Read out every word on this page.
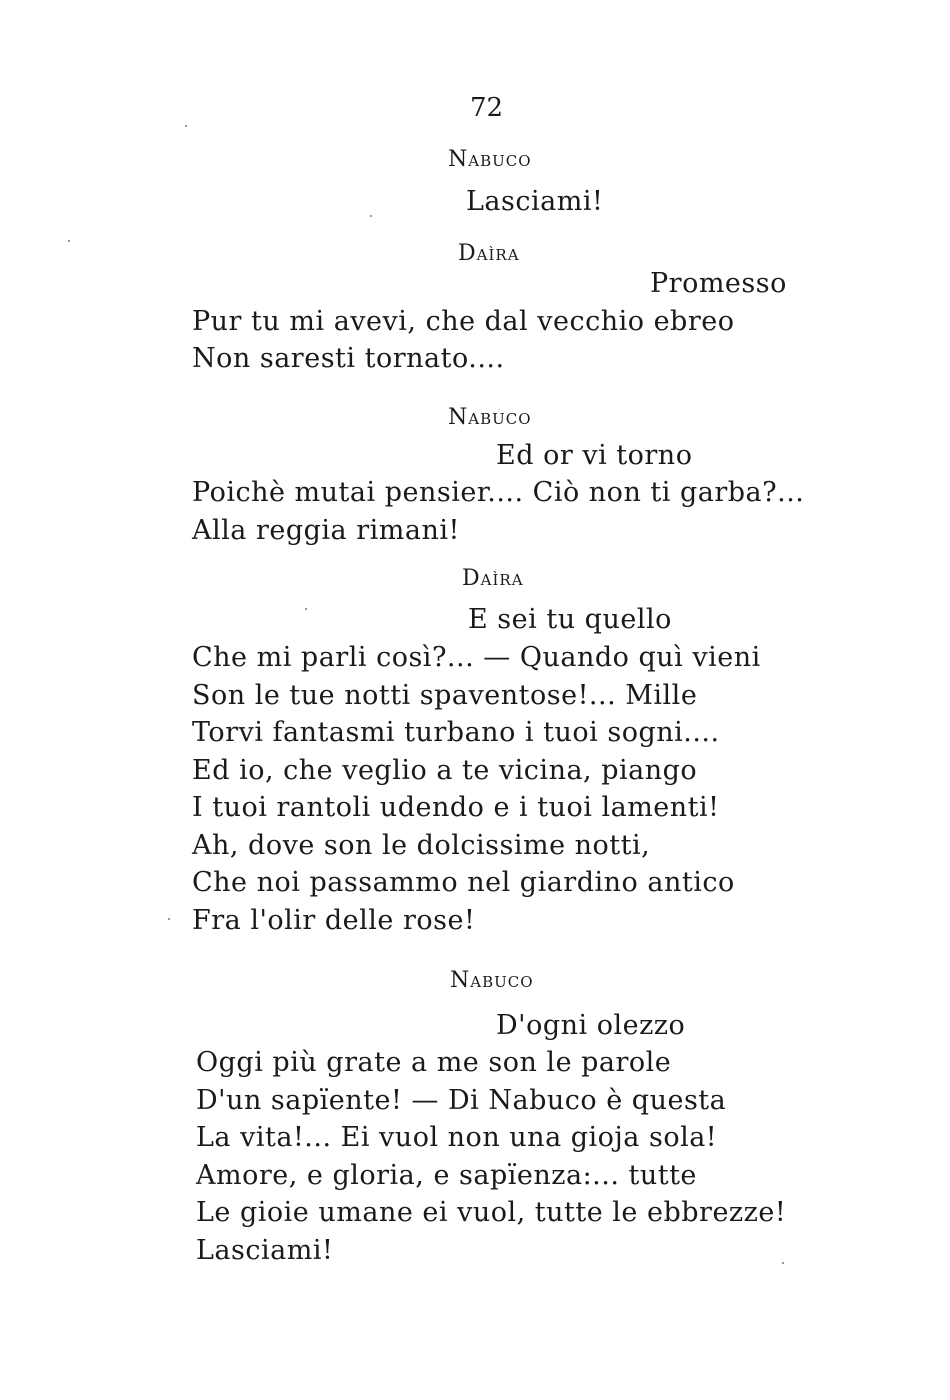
72
Nabuco
Lasciami!
Daìra
Promesso
Pur tu mi avevi, che dal vecchio ebreo
Non saresti tornato....
Nabuco
Ed or vi torno
Poichè mutai pensier.... Ciò non ti garba?...
Alla reggia rimani!
Daìra
E sei tu quello
Che mi parli così?... — Quando quì vieni
Son le tue notti spaventose!... Mille
Torvi fantasmi turbano i tuoi sogni....
Ed io, che veglio a te vicina, piango
I tuoi rantoli udendo e i tuoi lamenti!
Ah, dove son le dolcissime notti,
Che noi passammo nel giardino antico
Fra l'olir delle rose!
Nabuco
D'ogni olezzo
Oggi più grate a me son le parole
D'un sapïente! — Di Nabuco è questa
La vita!... Ei vuol non una gioja sola!
Amore, e gloria, e sapïenza:... tutte
Le gioie umane ei vuol, tutte le ebbrezze!
Lasciami!
